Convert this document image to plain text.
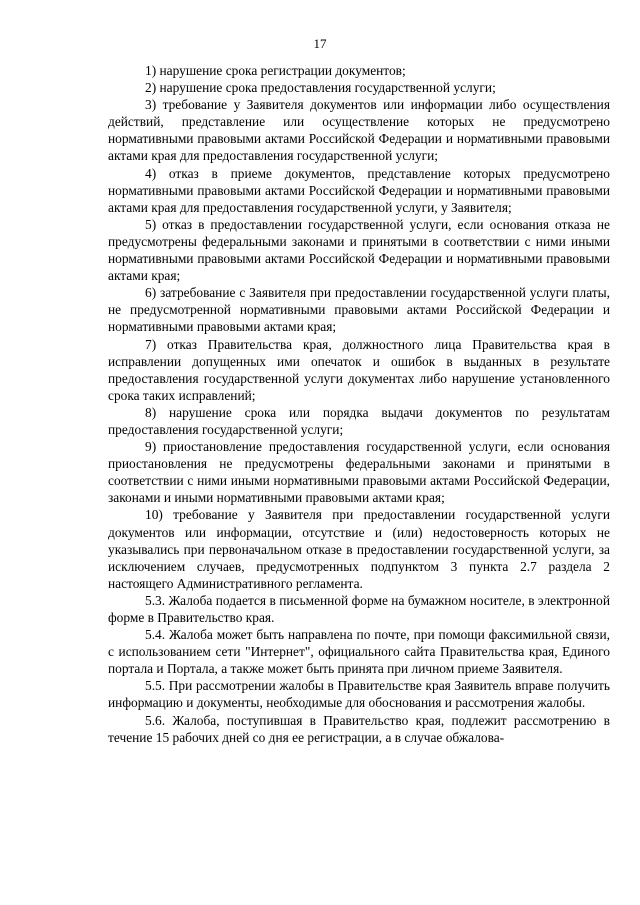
17

1) нарушение срока регистрации документов;

2) нарушение срока предоставления государственной услуги;

3) требование у Заявителя документов или информации либо осуществления действий, представление или осуществление которых не предусмотрено нормативными правовыми актами Российской Федерации и нормативными правовыми актами края для предоставления государственной услуги;

4) отказ в приеме документов, представление которых предусмотрено нормативными правовыми актами Российской Федерации и нормативными правовыми актами края для предоставления государственной услуги, у Заявителя;

5) отказ в предоставлении государственной услуги, если основания отказа не предусмотрены федеральными законами и принятыми в соответствии с ними иными нормативными правовыми актами Российской Федерации и нормативными правовыми актами края;

6) затребование с Заявителя при предоставлении государственной услуги платы, не предусмотренной нормативными правовыми актами Российской Федерации и нормативными правовыми актами края;

7) отказ Правительства края, должностного лица Правительства края в исправлении допущенных ими опечаток и ошибок в выданных в результате предоставления государственной услуги документах либо нарушение установленного срока таких исправлений;

8) нарушение срока или порядка выдачи документов по результатам предоставления государственной услуги;

9) приостановление предоставления государственной услуги, если основания приостановления не предусмотрены федеральными законами и принятыми в соответствии с ними иными нормативными правовыми актами Российской Федерации, законами и иными нормативными правовыми актами края;

10) требование у Заявителя при предоставлении государственной услуги документов или информации, отсутствие и (или) недостоверность которых не указывались при первоначальном отказе в предоставлении государственной услуги, за исключением случаев, предусмотренных подпунктом 3 пункта 2.7 раздела 2 настоящего Административного регламента.

5.3. Жалоба подается в письменной форме на бумажном носителе, в электронной форме в Правительство края.

5.4. Жалоба может быть направлена по почте, при помощи факсимильной связи, с использованием сети "Интернет", официального сайта Правительства края, Единого портала и Портала, а также может быть принята при личном приеме Заявителя.

5.5. При рассмотрении жалобы в Правительстве края Заявитель вправе получить информацию и документы, необходимые для обоснования и рассмотрения жалобы.

5.6. Жалоба, поступившая в Правительство края, подлежит рассмотрению в течение 15 рабочих дней со дня ее регистрации, а в случае обжалова-
